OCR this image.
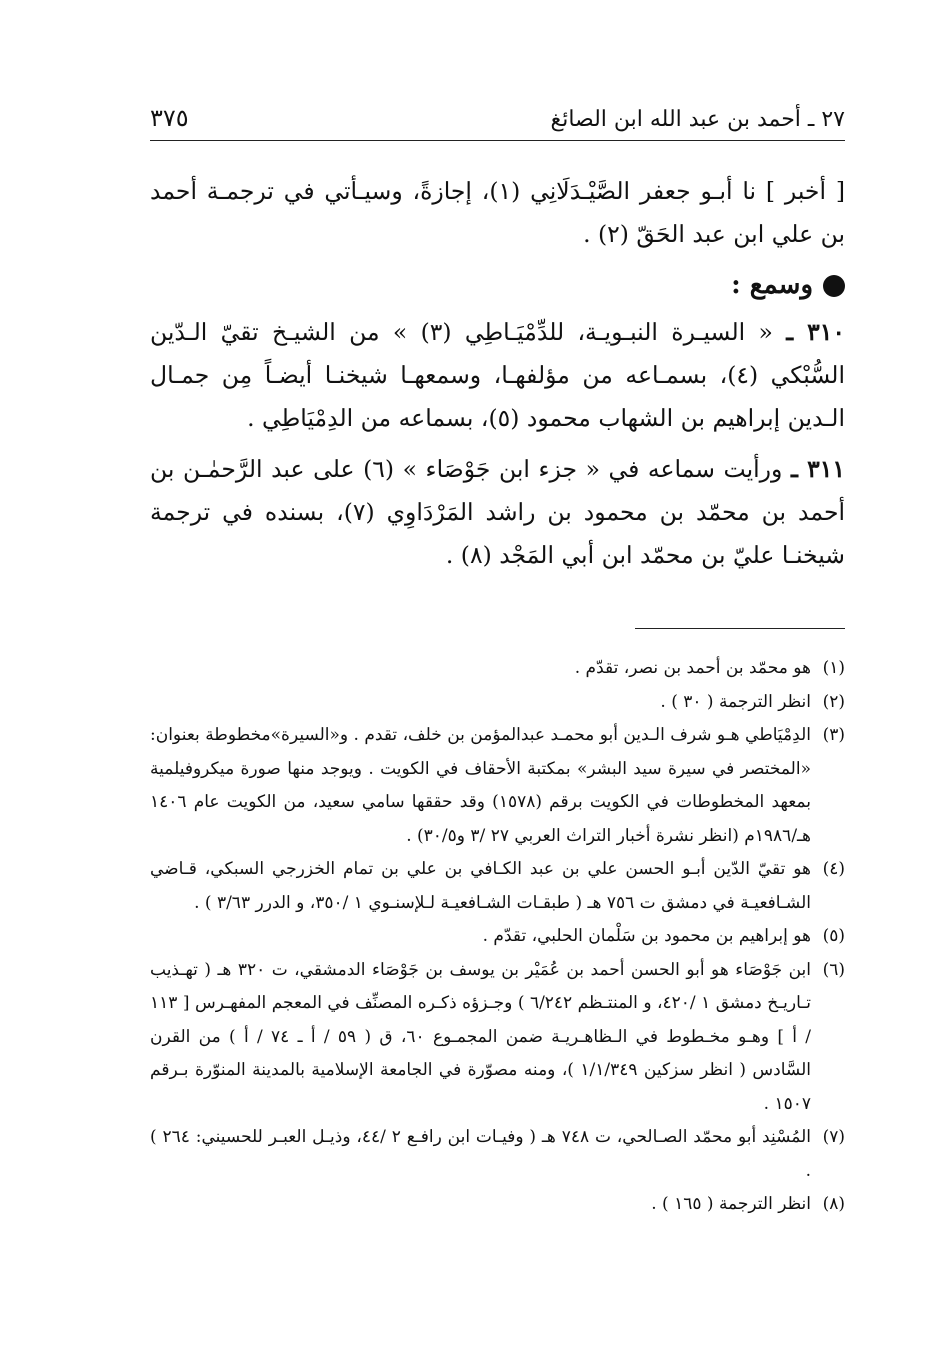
٢٧ ـ أحمد بن عبد الله ابن الصائغ
٣٧٥

[ أخبر ] نا أبـو جعفر الصَّيْـدَلَانِي (١)، إجازةً، وسيـأتي في ترجمـة أحمد بن علي ابن عبد الحَقّ (٢) .

وسمع :

٣١٠ ـ « السيـرة النبـويـة، للدِّمْيَـاطِي (٣) » من الشيـخ تقيّ الـدّين السُّبْكي (٤)، بسمـاعه من مؤلفهـا، وسمعهـا شيخنـا أيضـاً مِن جمـال الـدين إبراهيم بن الشهاب محمود (٥)، بسماعه من الدِمْيَاطِي .

٣١١ ـ ورأيت سماعه في « جزء ابن جَوْصَاء » (٦) على عبد الرَّحمٰـن بن أحمد بن محمّد بن محمود بن راشد المَرْدَاوِي (٧)، بسنده في ترجمة شيخنـا عليّ بن محمّد ابن أبي المَجْد (٨) .

(١)
هو محمّد بن أحمد بن نصر، تقدّم .
(٢)
انظر الترجمة ( ٣٠ ) .
(٣)
الدِمْيَاطي هـو شرف الـدين أبو محمـد عبدالمؤمن بن خلف، تقدم . و«السيرة»مخطوطة بعنوان: «المختصر في سيرة سيد البشر» بمكتبة الأحقاف في الكويت . ويوجد منها صورة ميكروفيلمية بمعهد المخطوطات في الكويت برقم (١٥٧٨) وقد حققها سامي سعيد، من الكويت عام ١٤٠٦ هـ/١٩٨٦م (انظر نشرة أخبار التراث العربي ٢٧ /٣ و٣٠/٥) .
(٤)
هو تقيّ الدّين أبـو الحسن علي بن عبد الكـافي بن علي بن تمام الخزرجي السبكي، قـاضي الشـافعيـة في دمشق ت ٧٥٦ هـ ( طبقـات الشـافعيـة لـلإسنـوي ١ /٣٥٠، و الدرر ٣/٦٣ ) .
(٥)
هو إبراهيم بن محمود بن سَلْمان الحلبي، تقدّم .
(٦)
ابن جَوْصَاء هو أبو الحسن أحمد بن عُمَيْر بن يوسف بن جَوْصَاء الدمشقي، ت ٣٢٠ هـ ( تهـذيب تـاريـخ دمشق ١ /٤٢٠، و المنتـظم ٦/٢٤٢ ) وجـزؤه ذكـره المصنِّف في المعجم المفهـرس [ ١١٣ / أ ] وهـو مخـطوط في الـظاهـريـة ضمن المجمـوع ٦٠، ق ( ٥٩ / أ ـ ٧٤ / أ ) من القرن السَّادس ( انظر سزكين ١/١/٣٤٩ )، ومنه مصوّرة في الجامعة الإسلامية بالمدينة المنوّرة بـرقم ١٥٠٧ .
(٧)
المُسْنِد أبو محمّد الصـالحي، ت ٧٤٨ هـ ( وفيـات ابن رافـع ٢ /٤٤، وذيـل العبـر للحسيني: ٢٦٤ ) .
(٨)
انظر الترجمة ( ١٦٥ ) .
